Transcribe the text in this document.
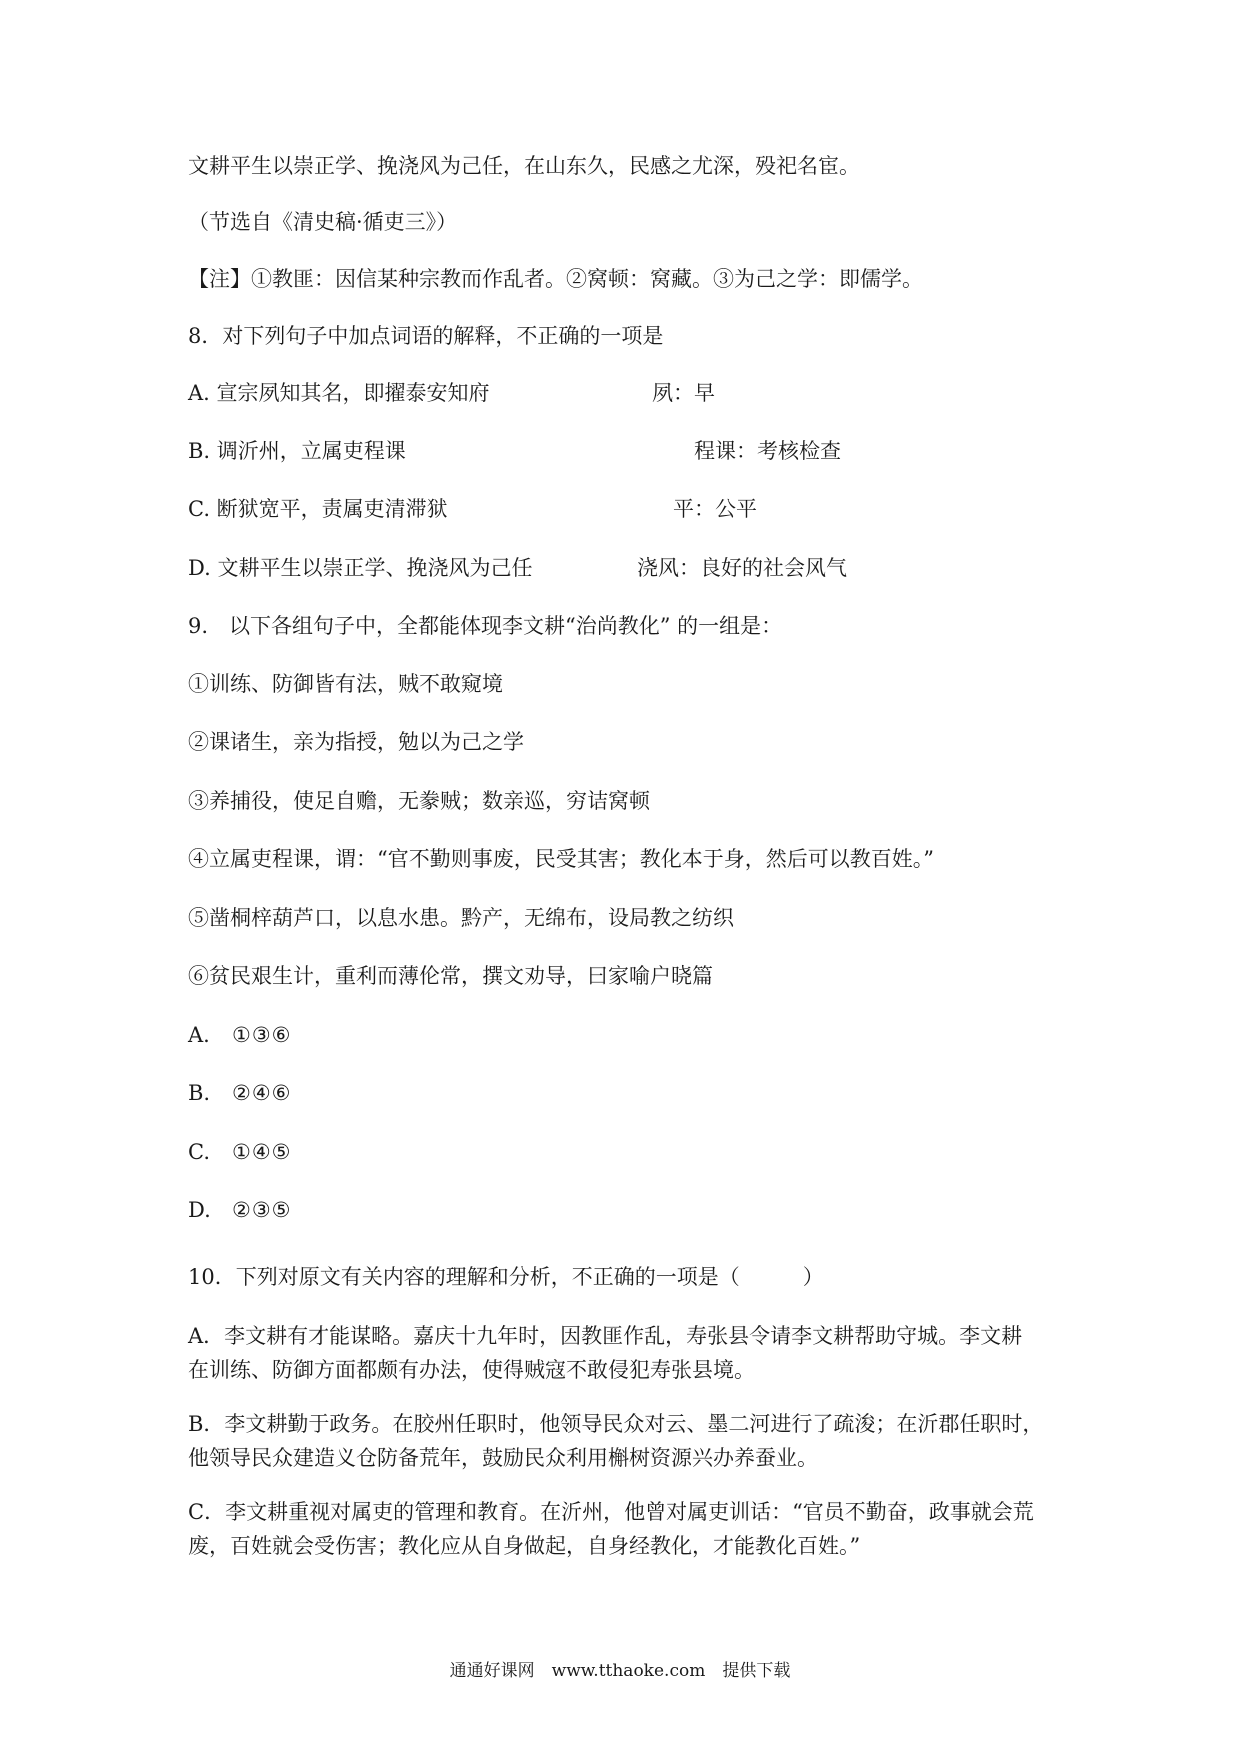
文耕平生以崇正学、挽浇风为己任，在山东久，民感之尤深，殁祀名宦。
（节选自《清史稿·循吏三》）
【注】①教匪：因信某种宗教而作乱者。②窝顿：窝藏。③为己之学：即儒学。
8．对下列句子中加点词语的解释，不正确的一项是
A. 宣宗夙知其名，即擢泰安知府	夙：早
B. 调沂州，立属吏程课	程课：考核检查
C. 断狱宽平，责属吏清滞狱	平：公平
D. 文耕平生以崇正学、挽浇风为己任	浇风：良好的社会风气
9.　以下各组句子中，全都能体现李文耕“治尚教化” 的一组是：
①训练、防御皆有法，贼不敢窥境
②课诸生，亲为指授，勉以为己之学
③养捕役，使足自赡，无豢贼；数亲巡，穷诘窝顿
④立属吏程课，谓：“官不勤则事废，民受其害；教化本于身，然后可以教百姓。”
⑤凿桐梓葫芦口，以息水患。黔产，无绵布，设局教之纺织
⑥贫民艰生计，重利而薄伦常，撰文劝导，曰家喻户晓篇
A. ①③⑥
B. ②④⑥
C. ①④⑤
D. ②③⑤
10．下列对原文有关内容的理解和分析，不正确的一项是（　　　）
A．李文耕有才能谋略。嘉庆十九年时，因教匪作乱，寿张县令请李文耕帮助守城。李文耕
在训练、防御方面都颇有办法，使得贼寇不敢侵犯寿张县境。
B．李文耕勤于政务。在胶州任职时，他领导民众对云、墨二河进行了疏浚；在沂郡任职时，
他领导民众建造义仓防备荒年，鼓励民众利用槲树资源兴办养蚕业。
C．李文耕重视对属吏的管理和教育。在沂州，他曾对属吏训话：“官员不勤奋，政事就会荒
废，百姓就会受伤害；教化应从自身做起，自身经教化，才能教化百姓。”
通通好课网　www.tthaoke.com　提供下载
